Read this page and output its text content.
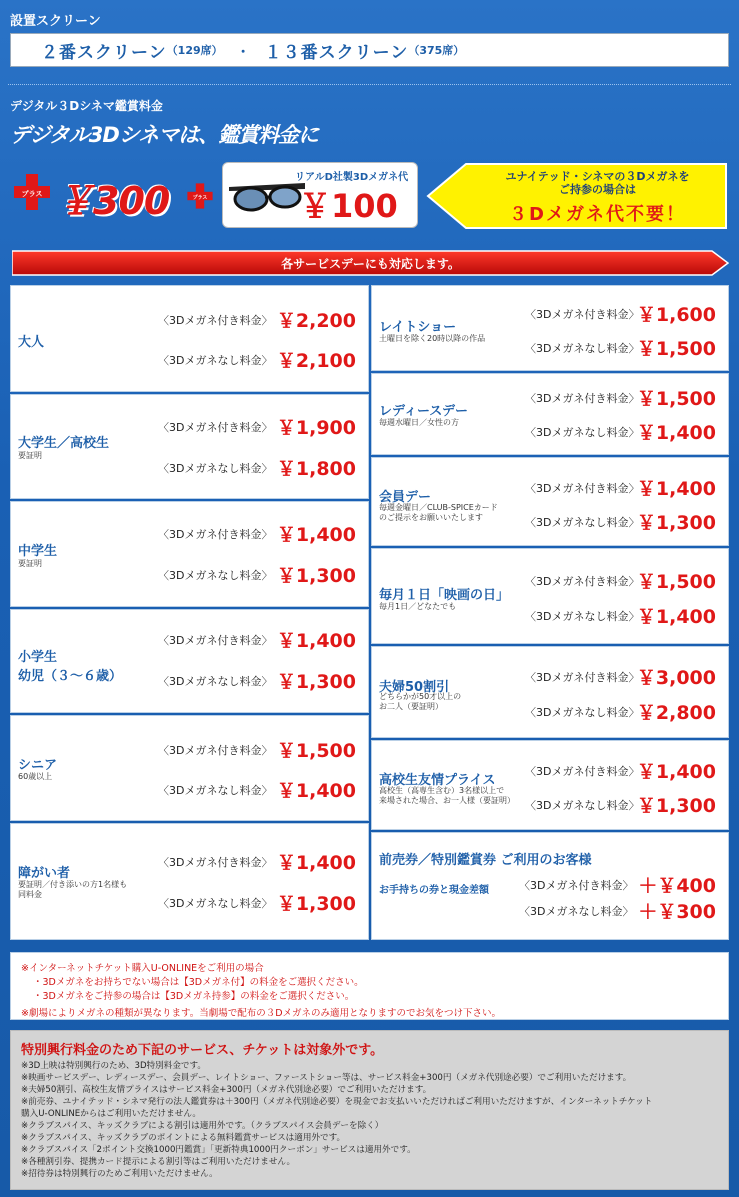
設置スクリーン
２番スクリーン （129席） ・ １３番スクリーン （375席）
デジタル３Dシネマ鑑賞料金
デジタル3Dシネマは、鑑賞料金に
プラス ￥300	プラス
リアルD社製3Dメガネ代
￥100
ユナイテッド・シネマの３Dメガネを
ご持参の場合は
３Dメガネ代不要！
各サービスデーにも対応します。
大人
〈3Dメガネ付き料金〉 ￥2,200
〈3Dメガネなし料金〉 ￥2,100
大学生／高校生
要証明
〈3Dメガネ付き料金〉 ￥1,900
〈3Dメガネなし料金〉 ￥1,800
中学生
要証明
〈3Dメガネ付き料金〉 ￥1,400
〈3Dメガネなし料金〉 ￥1,300
小学生
幼児（３〜６歳）
〈3Dメガネ付き料金〉 ￥1,400
〈3Dメガネなし料金〉 ￥1,300
シニア
60歳以上
〈3Dメガネ付き料金〉 ￥1,500
〈3Dメガネなし料金〉 ￥1,400
障がい者
要証明／付き添いの方1名様も
同料金
〈3Dメガネ付き料金〉 ￥1,400
〈3Dメガネなし料金〉 ￥1,300
レイトショー
土曜日を除く20時以降の作品
〈3Dメガネ付き料金〉
￥1,600
〈3Dメガネなし料金〉
￥1,500
レディースデー
毎週水曜日／女性の方
〈3Dメガネ付き料金〉
￥1,500
〈3Dメガネなし料金〉
￥1,400
会員デー
毎週金曜日／CLUB-SPICEカード
のご提示をお願いいたします
〈3Dメガネ付き料金〉
￥1,400
〈3Dメガネなし料金〉
￥1,300
毎月１日「映画の日」
毎月1日／どなたでも
〈3Dメガネ付き料金〉
￥1,500
〈3Dメガネなし料金〉
￥1,400
夫婦50割引
どちらかが50才以上の
お二人（要証明）
〈3Dメガネ付き料金〉
￥3,000
〈3Dメガネなし料金〉
￥2,800
高校生友情プライス
高校生（高専生含む）3名様以上で
来場された場合、お一人様（要証明）
〈3Dメガネ付き料金〉
￥1,400
〈3Dメガネなし料金〉
￥1,300
前売券／特別鑑賞券 ご利用のお客様
お手持ちの券と現金差額	〈3Dメガネ付き料金〉 ＋￥400
〈3Dメガネなし料金〉 ＋￥300
※インターネットチケット購入U-ONLINEをご利用の場合
・3Dメガネをお持ちでない場合は【3Dメガネ付】の料金をご選択ください。
・3Dメガネをご持参の場合は【3Dメガネ持参】の料金をご選択ください。
※劇場によりメガネの種類が異なります。当劇場で配布の３Dメガネのみ適用となりますのでお気をつけ下さい。
特別興行料金のため下記のサービス、チケットは対象外です。
※3D上映は特別興行のため、3D特別料金です。
※映画サービスデー、レディースデー、会員デー、レイトショー、ファーストショー等は、サービス料金+300円（メガネ代別途必要）でご利用いただけます。
※夫婦50割引、高校生友情プライスはサービス料金+300円（メガネ代別途必要）でご利用いただけます。
※前売券、ユナイテッド・シネマ発行の法人鑑賞券は＋300円（メガネ代別途必要）を現金でお支払いいただければご利用いただけますが、インターネットチケット
購入U-ONLINEからはご利用いただけません。
※クラブスパイス、キッズクラブによる割引は適用外です。（クラブスパイス会員デーを除く）
※クラブスパイス、キッズクラブのポイントによる無料鑑賞サービスは適用外です。
※クラブスパイス「2ポイント交換1000円鑑賞」「更新特典1000円クーポン」サービスは適用外です。
※各種割引券、提携カード提示による割引等はご利用いただけません。
※招待券は特別興行のためご利用いただけません。
